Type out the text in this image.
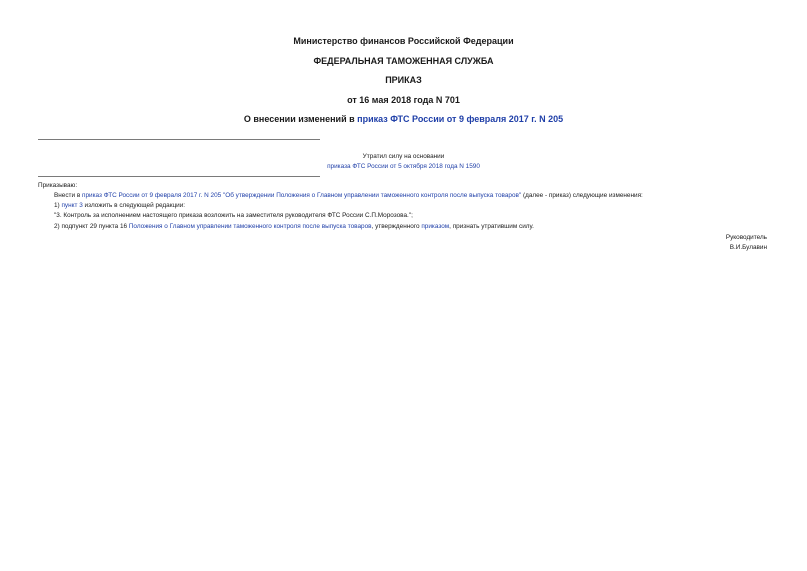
Министерство финансов Российской Федерации
ФЕДЕРАЛЬНАЯ ТАМОЖЕННАЯ СЛУЖБА
ПРИКАЗ
от 16 мая 2018 года N 701
О внесении изменений в приказ ФТС России от 9 февраля 2017 г. N 205
Утратил силу на основании
приказа ФТС России от 5 октября 2018 года N 1590
Приказываю:
Внести в приказ ФТС России от 9 февраля 2017 г. N 205 "Об утверждении Положения о Главном управлении таможенного контроля после выпуска товаров" (далее - приказ) следующие изменения:
1) пункт 3 изложить в следующей редакции:
"3. Контроль за исполнением настоящего приказа возложить на заместителя руководителя ФТС России С.П.Морозова.";
2) подпункт 29 пункта 16 Положения о Главном управлении таможенного контроля после выпуска товаров, утвержденного приказом, признать утратившим силу.
Руководитель
В.И.Булавин
